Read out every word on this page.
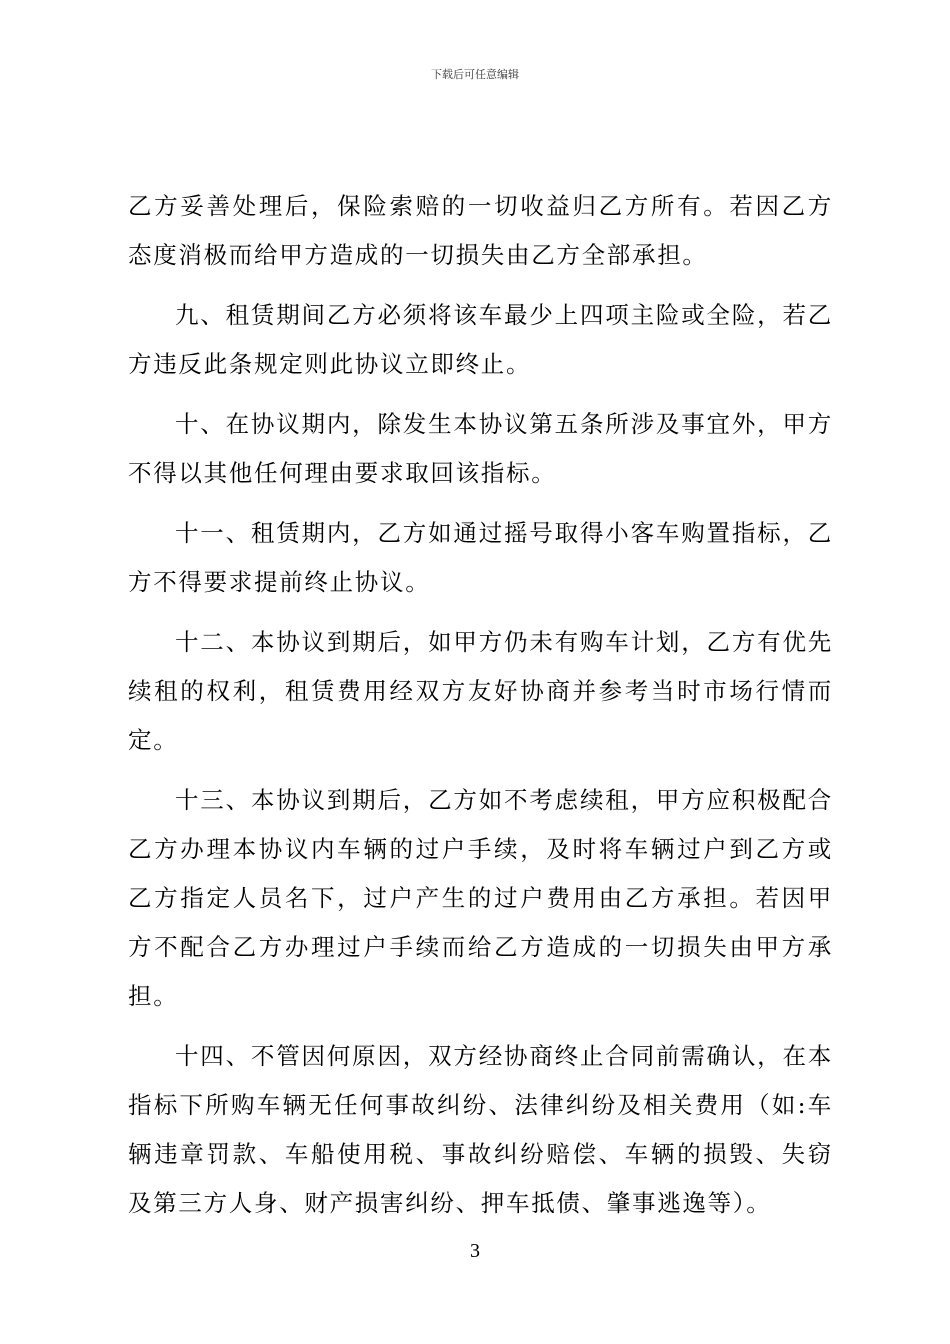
下载后可任意编辑

乙方妥善处理后，保险索赔的一切收益归乙方所有。若因乙方态度消极而给甲方造成的一切损失由乙方全部承担。

九、租赁期间乙方必须将该车最少上四项主险或全险，若乙方违反此条规定则此协议立即终止。

十、在协议期内，除发生本协议第五条所涉及事宜外，甲方不得以其他任何理由要求取回该指标。

十一、租赁期内，乙方如通过摇号取得小客车购置指标，乙方不得要求提前终止协议。

十二、本协议到期后，如甲方仍未有购车计划，乙方有优先续租的权利，租赁费用经双方友好协商并参考当时市场行情而定。

十三、本协议到期后，乙方如不考虑续租，甲方应积极配合乙方办理本协议内车辆的过户手续，及时将车辆过户到乙方或乙方指定人员名下，过户产生的过户费用由乙方承担。若因甲方不配合乙方办理过户手续而给乙方造成的一切损失由甲方承担。

十四、不管因何原因，双方经协商终止合同前需确认，在本指标下所购车辆无任何事故纠纷、法律纠纷及相关费用（如:车辆违章罚款、车船使用税、事故纠纷赔偿、车辆的损毁、失窃及第三方人身、财产损害纠纷、押车抵债、肇事逃逸等）。

3
